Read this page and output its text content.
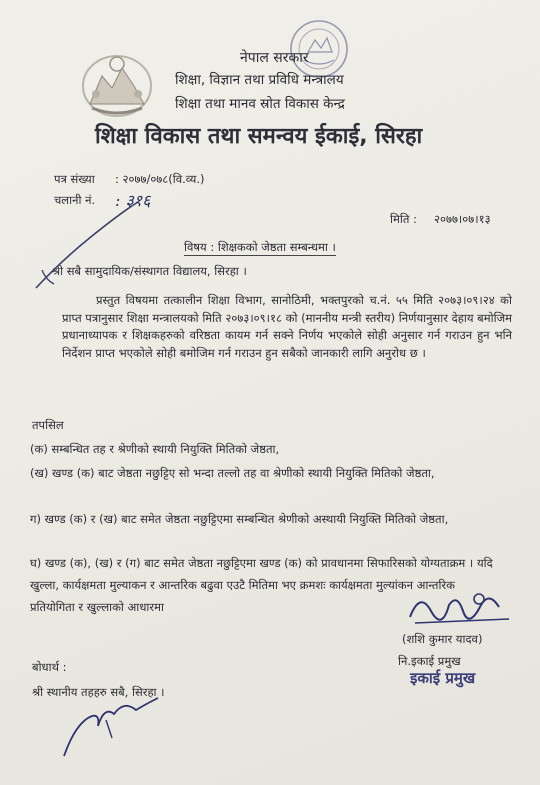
नेपाल सरकार
शिक्षा, विज्ञान तथा प्रविधि मन्त्रालय
शिक्षा तथा मानव स्रोत विकास केन्द्र
शिक्षा विकास तथा समन्वय ईकाई, सिरहा
पत्र संख्या : २०७७/०७८(वि.व्य.)
चलानी नं. : ३१६
मिति : २०७७।०७।१३
विषय : शिक्षकको जेष्ठता सम्बन्धमा ।
श्री सबै सामुदायिक/संस्थागत विद्यालय, सिरहा ।
प्रस्तुत विषयमा तत्कालीन शिक्षा विभाग, सानोठिमी, भक्तपुरको च.नं. ५५ मिति २०७३।०९।२४ को प्राप्त पत्रानुसार शिक्षा मन्त्रालयको मिति २०७३।०९।१८ को (माननीय मन्त्री स्तरीय) निर्णयानुसार देहाय बमोजिम प्रधानाध्यापक र शिक्षकहरुको वरिष्ठता कायम गर्न सक्ने निर्णय भएकोले सोही अनुसार गर्न गराउन हुन भनि निर्देशन प्राप्त भएकोले सोही बमोजिम गर्न गराउन हुन सबैको जानकारी लागि अनुरोध छ ।
तपसिल
(क) सम्बन्धित तह र श्रेणीको स्थायी नियुक्ति मितिको जेष्ठता,
(ख) खण्ड (क) बाट जेष्ठता नछुट्टिए सो भन्दा तल्लो तह वा श्रेणीको स्थायी नियुक्ति मितिको जेष्ठता,
ग) खण्ड (क) र (ख) बाट समेत जेष्ठता नछुट्टिएमा सम्बन्धित श्रेणीको अस्थायी नियुक्ति मितिको जेष्ठता,
घ) खण्ड (क), (ख) र (ग) बाट समेत जेष्ठता नछुट्टिएमा खण्ड (क) को प्रावधानमा सिफारिसको योग्यताक्रम । यदि खुल्ला, कार्यक्षमता मुल्याकन र आन्तरिक बढुवा एउटै मितिमा भए क्रमशः कार्यक्षमता मुल्यांकन आन्तरिक प्रतियोगिता र खुल्लाको आधारमा
(शशि कुमार यादव)
नि.इकाई प्रमुख
इकाई प्रमुख
बोधार्थ :
श्री स्थानीय तहहरु सबै, सिरहा ।
